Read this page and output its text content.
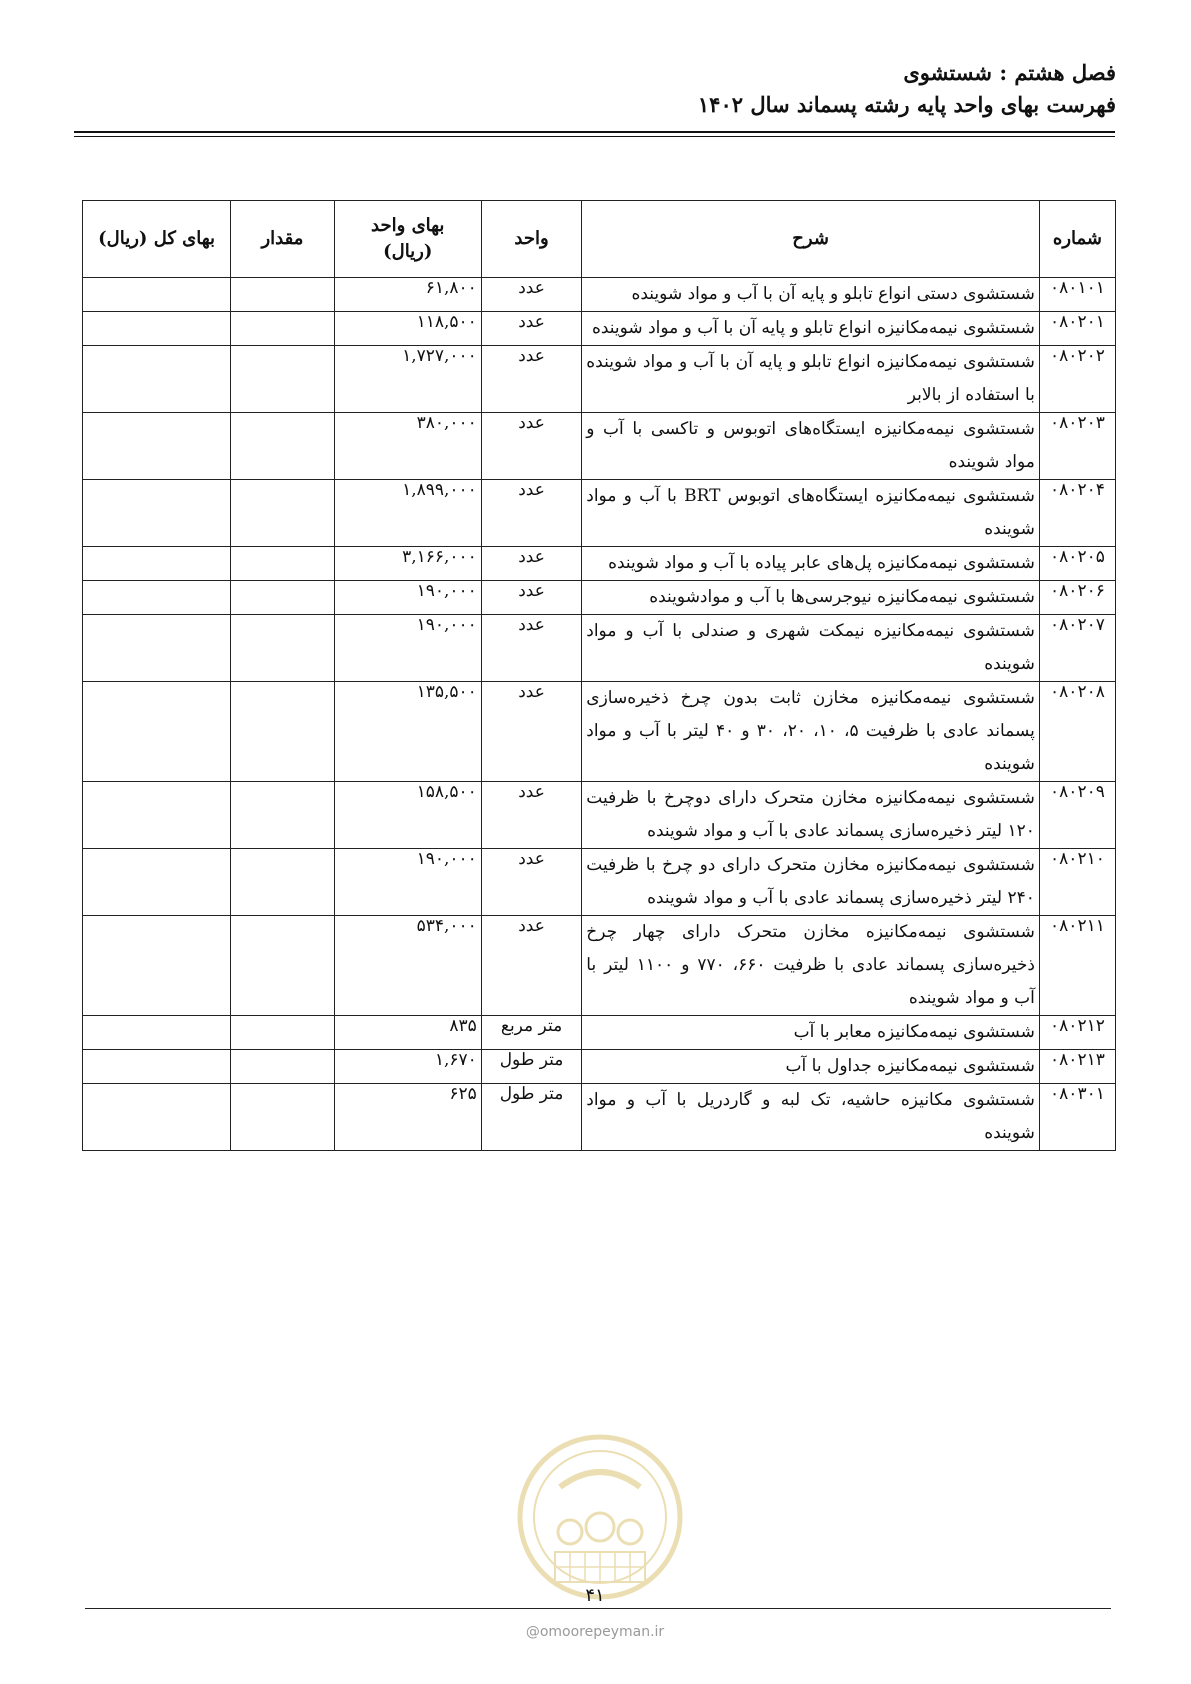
فصل هشتم : شستشوی
فهرست بهای واحد پایه رشته پسماند سال ۱۴۰۲
شماره	شرح	واحد	بهای واحد (ریال)	مقدار	بهای کل (ریال)
۰۸۰۱۰۱	شستشوی دستی انواع تابلو و پایه آن با آب و مواد شوینده	عدد	۶۱,۸۰۰		
۰۸۰۲۰۱	شستشوی نیمه‌مکانیزه انواع تابلو و پایه آن با آب و مواد شوینده	عدد	۱۱۸,۵۰۰		
۰۸۰۲۰۲	شستشوی نیمه‌مکانیزه انواع تابلو و پایه آن با آب و مواد شوینده با استفاده از بالابر	عدد	۱,۷۲۷,۰۰۰		
۰۸۰۲۰۳	شستشوی نیمه‌مکانیزه ایستگاه‌های اتوبوس و تاکسی با آب و مواد شوینده	عدد	۳۸۰,۰۰۰		
۰۸۰۲۰۴	شستشوی نیمه‌مکانیزه ایستگاه‌های اتوبوس BRT با آب و مواد شوینده	عدد	۱,۸۹۹,۰۰۰		
۰۸۰۲۰۵	شستشوی نیمه‌مکانیزه پل‌های عابر پیاده با آب و مواد شوینده	عدد	۳,۱۶۶,۰۰۰		
۰۸۰۲۰۶	شستشوی نیمه‌مکانیزه نیوجرسی‌ها با آب و موادشوینده	عدد	۱۹۰,۰۰۰		
۰۸۰۲۰۷	شستشوی نیمه‌مکانیزه نیمکت شهری و صندلی با آب و مواد شوینده	عدد	۱۹۰,۰۰۰		
۰۸۰۲۰۸	شستشوی نیمه‌مکانیزه مخازن ثابت بدون چرخ ذخیره‌سازی پسماند عادی با ظرفیت ۵، ۱۰، ۲۰، ۳۰ و ۴۰ لیتر با آب و مواد شوینده	عدد	۱۳۵,۵۰۰		
۰۸۰۲۰۹	شستشوی نیمه‌مکانیزه مخازن متحرک دارای دوچرخ با ظرفیت ۱۲۰ لیتر ذخیره‌سازی پسماند عادی با آب و مواد شوینده	عدد	۱۵۸,۵۰۰		
۰۸۰۲۱۰	شستشوی نیمه‌مکانیزه مخازن متحرک دارای دو چرخ با ظرفیت ۲۴۰ لیتر ذخیره‌سازی پسماند عادی با آب و مواد شوینده	عدد	۱۹۰,۰۰۰		
۰۸۰۲۱۱	شستشوی نیمه‌مکانیزه مخازن متحرک دارای چهار چرخ ذخیره‌سازی پسماند عادی با ظرفیت ۶۶۰، ۷۷۰ و ۱۱۰۰ لیتر با آب و مواد شوینده	عدد	۵۳۴,۰۰۰		
۰۸۰۲۱۲	شستشوی نیمه‌مکانیزه معابر با آب	متر مربع	۸۳۵		
۰۸۰۲۱۳	شستشوی نیمه‌مکانیزه جداول با آب	متر طول	۱,۶۷۰		
۰۸۰۳۰۱	شستشوی مکانیزه حاشیه، تک لبه و گاردریل با آب و مواد شوینده	متر طول	۶۲۵		
۴۱
@omoorepeyman.ir
